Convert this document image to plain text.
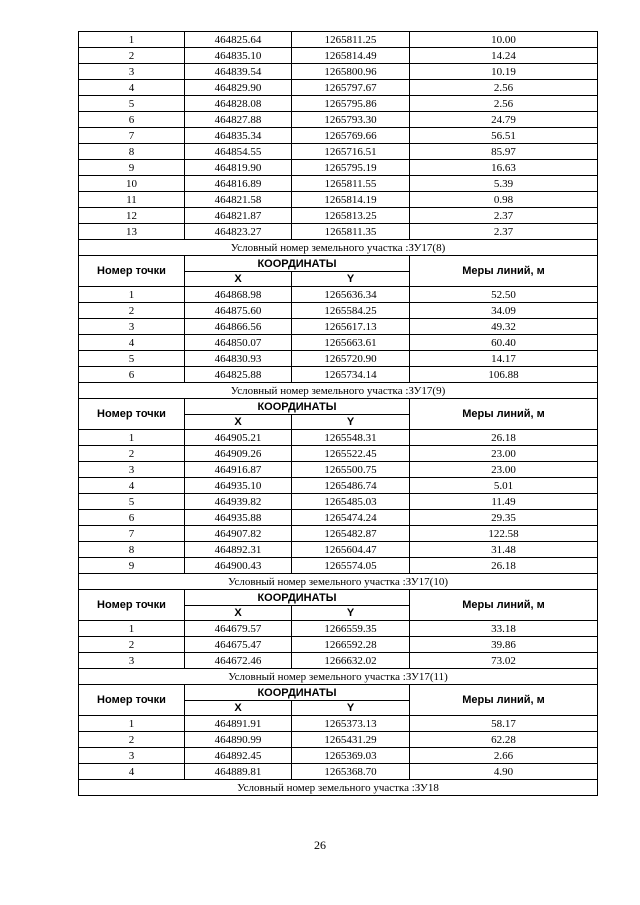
1	464825.64	1265811.25	10.00
2	464835.10	1265814.49	14.24
3	464839.54	1265800.96	10.19
4	464829.90	1265797.67	2.56
5	464828.08	1265795.86	2.56
6	464827.88	1265793.30	24.79
7	464835.34	1265769.66	56.51
8	464854.55	1265716.51	85.97
9	464819.90	1265795.19	16.63
10	464816.89	1265811.55	5.39
11	464821.58	1265814.19	0.98
12	464821.87	1265813.25	2.37
13	464823.27	1265811.35	2.37
Условный номер земельного участка :ЗУ17(8)			
Номер точки	КООРДИНАТЫ		Меры линий, м
	X	Y	
1	464868.98	1265636.34	52.50
2	464875.60	1265584.25	34.09
3	464866.56	1265617.13	49.32
4	464850.07	1265663.61	60.40
5	464830.93	1265720.90	14.17
6	464825.88	1265734.14	106.88
Условный номер земельного участка :ЗУ17(9)			
Номер точки	КООРДИНАТЫ		Меры линий, м
	X	Y	
1	464905.21	1265548.31	26.18
2	464909.26	1265522.45	23.00
3	464916.87	1265500.75	23.00
4	464935.10	1265486.74	5.01
5	464939.82	1265485.03	11.49
6	464935.88	1265474.24	29.35
7	464907.82	1265482.87	122.58
8	464892.31	1265604.47	31.48
9	464900.43	1265574.05	26.18
Условный номер земельного участка :ЗУ17(10)			
Номер точки	КООРДИНАТЫ		Меры линий, м
	X	Y	
1	464679.57	1266559.35	33.18
2	464675.47	1266592.28	39.86
3	464672.46	1266632.02	73.02
Условный номер земельного участка :ЗУ17(11)			
Номер точки	КООРДИНАТЫ		Меры линий, м
	X	Y	
1	464891.91	1265373.13	58.17
2	464890.99	1265431.29	62.28
3	464892.45	1265369.03	2.66
4	464889.81	1265368.70	4.90
Условный номер земельного участка :ЗУ18			
26
